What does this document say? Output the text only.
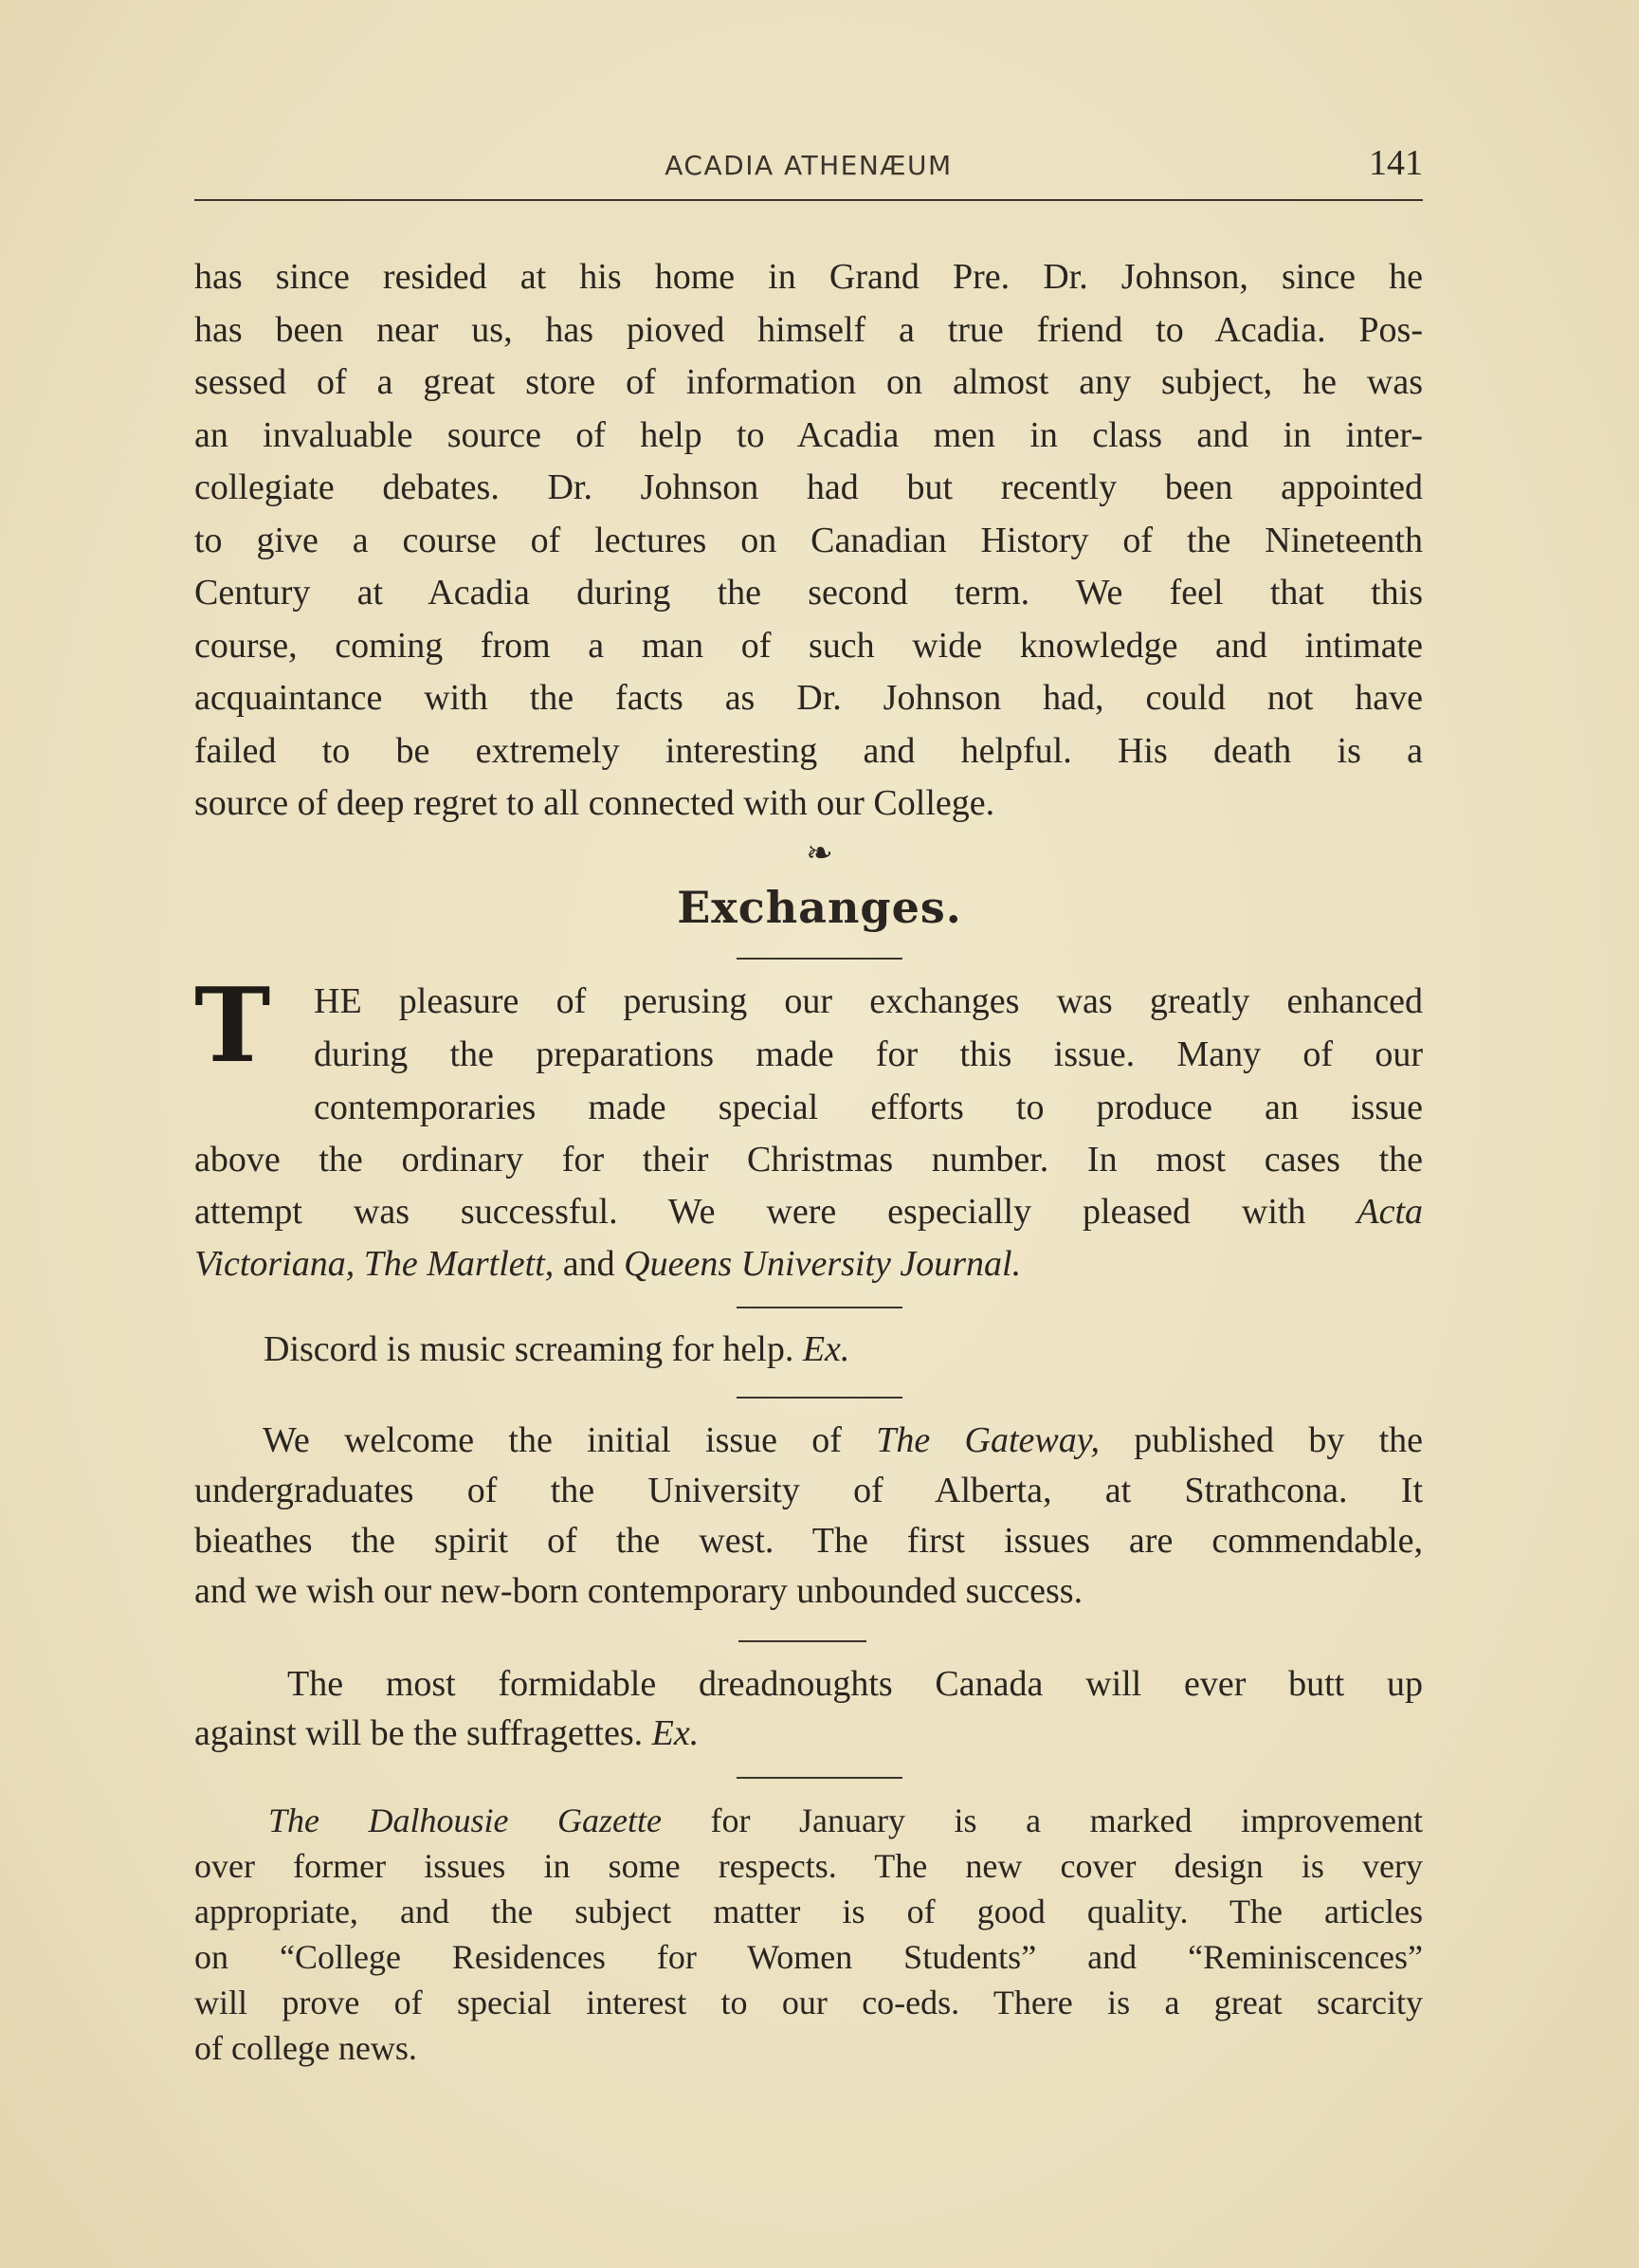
ACADIA ATHENÆUM	141
has since resided at his home in Grand Pre. Dr. Johnson, since he
has been near us, has pioved himself a true friend to Acadia. Pos-
sessed of a great store of information on almost any subject, he was
an invaluable source of help to Acadia men in class and in inter-
collegiate debates. Dr. Johnson had but recently been appointed
to give a course of lectures on Canadian History of the Nineteenth
Century at Acadia during the second term. We feel that this
course, coming from a man of such wide knowledge and intimate
acquaintance with the facts as Dr. Johnson had, could not have
failed to be extremely interesting and helpful. His death is a
source of deep regret to all connected with our College.
❧
Exchanges.
T HE pleasure of perusing our exchanges was greatly enhanced
during the preparations made for this issue. Many of our
contemporaries made special efforts to produce an issue
above the ordinary for their Christmas number. In most cases the
attempt was successful. We were especially pleased with Acta
Victoriana, The Martlett, and Queens University Journal.
Discord is music screaming for help. Ex.
We welcome the initial issue of The Gateway, published by the
undergraduates of the University of Alberta, at Strathcona. It
bieathes the spirit of the west. The first issues are commendable,
and we wish our new-born contemporary unbounded success.
The most formidable dreadnoughts Canada will ever butt up
against will be the suffragettes. Ex.
The Dalhousie Gazette for January is a marked improvement
over former issues in some respects. The new cover design is very
appropriate, and the subject matter is of good quality. The articles
on “College Residences for Women Students” and “Reminiscences”
will prove of special interest to our co-eds. There is a great scarcity
of college news.
